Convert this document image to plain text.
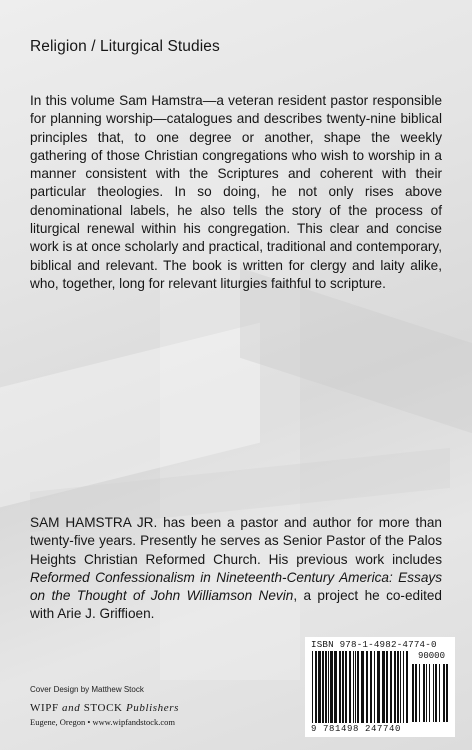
Religion / Liturgical Studies

In this volume Sam Hamstra—a veteran resident pastor responsible for planning worship—catalogues and describes twenty-nine biblical principles that, to one degree or another, shape the weekly gathering of those Christian congregations who wish to worship in a manner consistent with the Scriptures and coherent with their particular theologies. In so doing, he not only rises above denominational labels, he also tells the story of the process of liturgical renewal within his congregation. This clear and concise work is at once scholarly and practical, traditional and contemporary, biblical and relevant. The book is written for clergy and laity alike, who, together, long for relevant liturgies faithful to scripture.

SAM HAMSTRA JR. has been a pastor and author for more than twenty-five years. Presently he serves as Senior Pastor of the Palos Heights Christian Reformed Church. His previous work includes Reformed Confessionalism in Nineteenth-Century America: Essays on the Thought of John Williamson Nevin, a project he co-edited with Arie J. Griffioen.

Cover Design by Matthew Stock
WIPF and STOCK Publishers
Eugene, Oregon • www.wipfandstock.com
ISBN 978-1-4982-4774-0
90000
9 781498 247740
